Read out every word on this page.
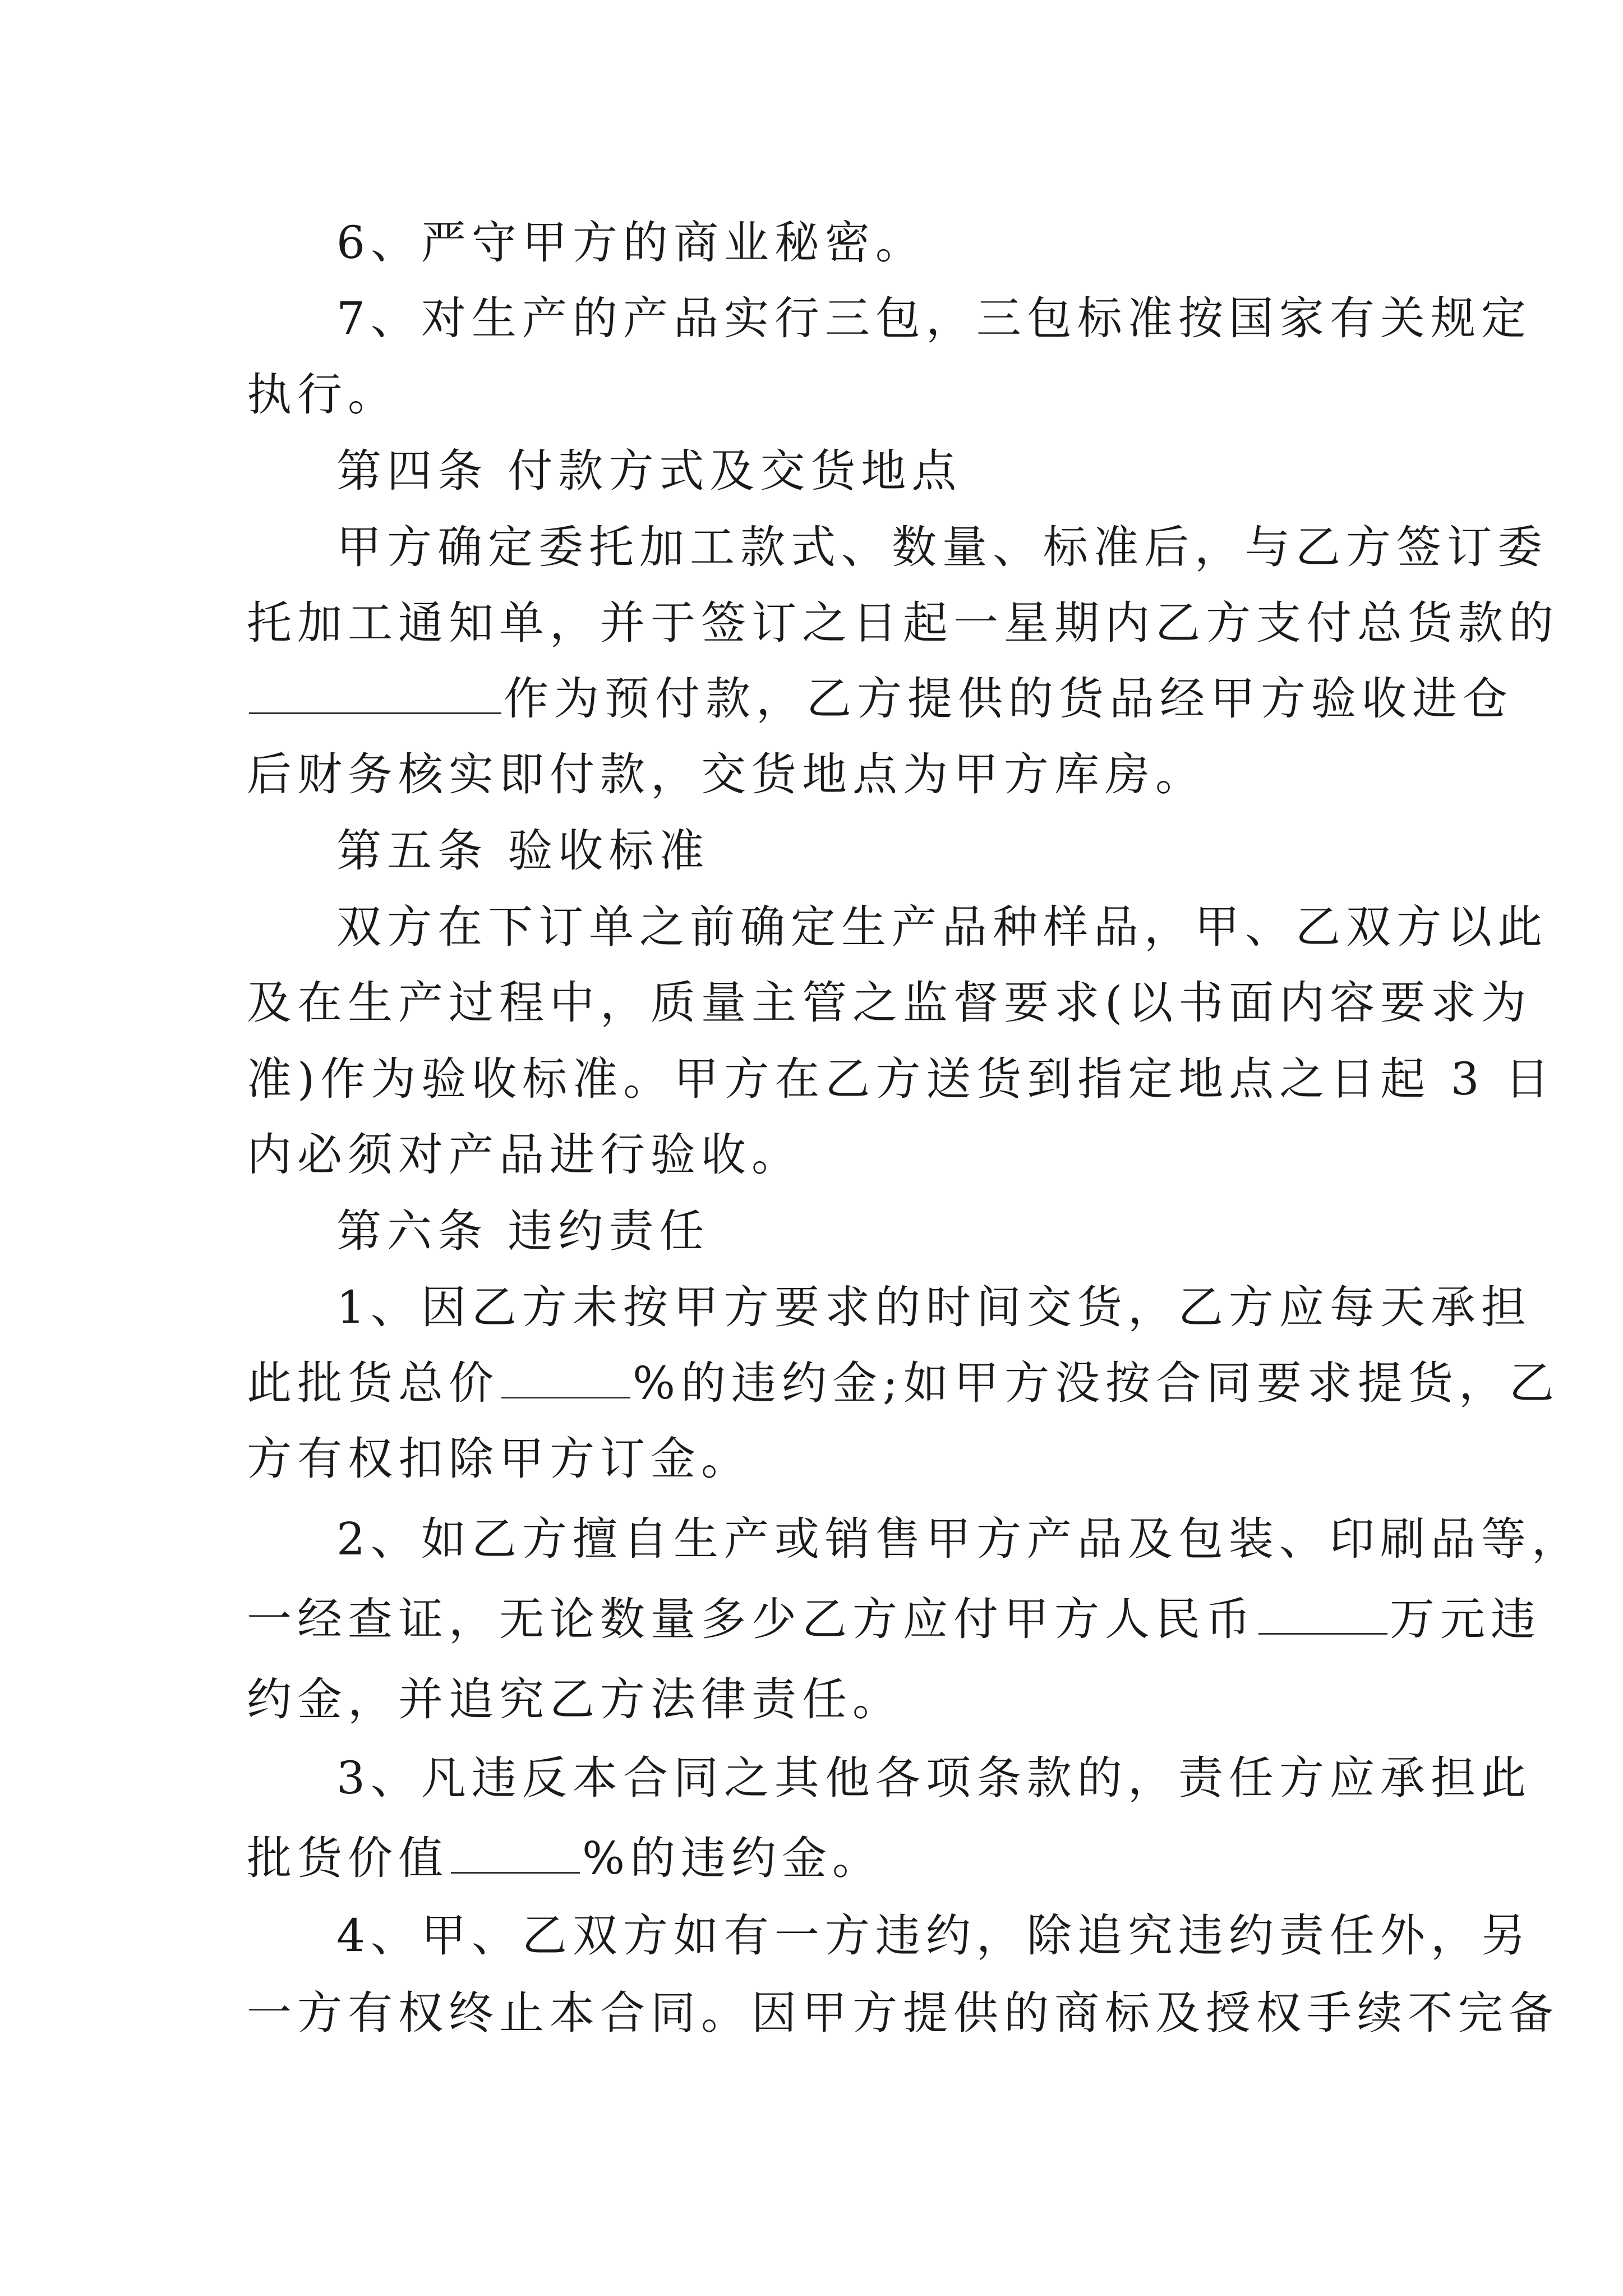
6、严守甲方的商业秘密。
7、对生产的产品实行三包，三包标准按国家有关规定
执行。
第四条 付款方式及交货地点
甲方确定委托加工款式、数量、标准后，与乙方签订委
托加工通知单，并于签订之日起一星期内乙方支付总货款的
作为预付款，乙方提供的货品经甲方验收进仓
后财务核实即付款，交货地点为甲方库房。
第五条 验收标准
双方在下订单之前确定生产品种样品，甲、乙双方以此
及在生产过程中，质量主管之监督要求(以书面内容要求为
准)作为验收标准。甲方在乙方送货到指定地点之日起 3 日
内必须对产品进行验收。
第六条 违约责任
1、因乙方未按甲方要求的时间交货，乙方应每天承担
此批货总价	%的违约金;如甲方没按合同要求提货，乙
方有权扣除甲方订金。
2、如乙方擅自生产或销售甲方产品及包装、印刷品等，
一经查证，无论数量多少乙方应付甲方人民币	万元违
约金，并追究乙方法律责任。
3、凡违反本合同之其他各项条款的，责任方应承担此
批货价值	%的违约金。
4、甲、乙双方如有一方违约，除追究违约责任外，另
一方有权终止本合同。因甲方提供的商标及授权手续不完备
